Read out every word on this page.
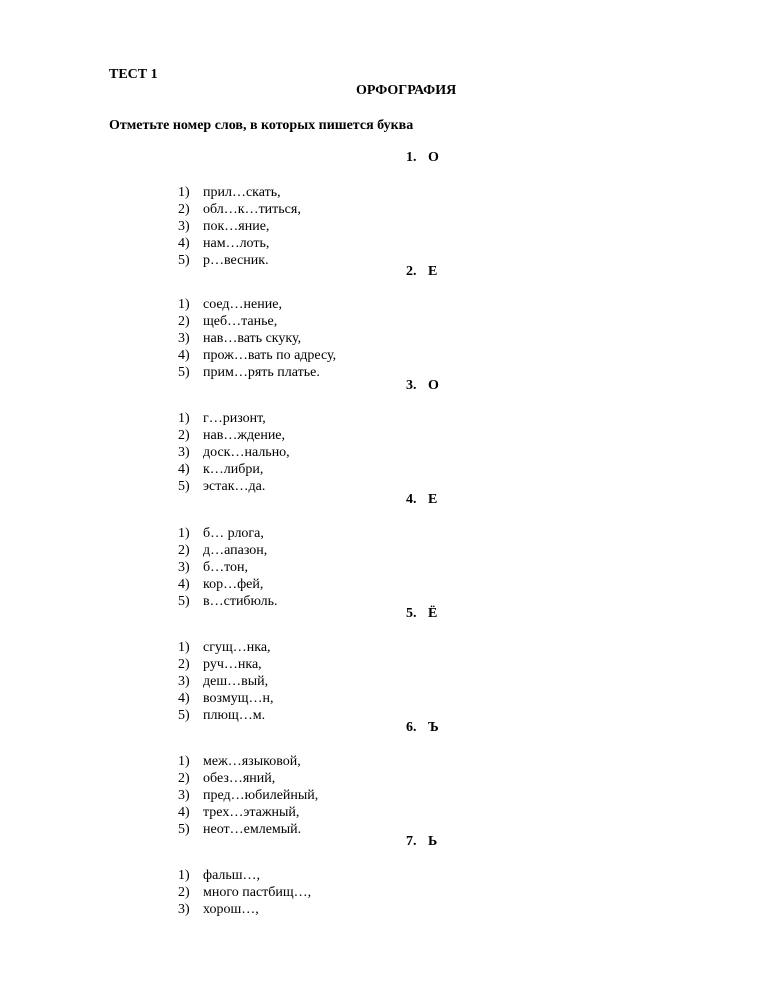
ТЕСТ 1
ОРФОГРАФИЯ
Отметьте номер слов, в которых пишется буква
1. О
1) прил…скать,
2) обл…к…титься,
3) пок…яние,
4) нам…лоть,
5) р…весник.
2. Е
1) соед…нение,
2) щеб…танье,
3) нав…вать скуку,
4) прож…вать по адресу,
5) прим…рять платье.
3. О
1) г…ризонт,
2) нав…ждение,
3) доск…нально,
4) к…либри,
5) эстак…да.
4. Е
1) б… рлога,
2) д…апазон,
3) б…тон,
4) кор…фей,
5) в…стибюль.
5. Ё
1) сгущ…нка,
2) руч…нка,
3) деш…вый,
4) возмущ…н,
5) плющ…м.
6. Ъ
1) меж…языковой,
2) обез…яний,
3) пред…юбилейный,
4) трех…этажный,
5) неот…емлемый.
7. Ь
1) фальш…,
2) много пастбищ…,
3) хорош…,
